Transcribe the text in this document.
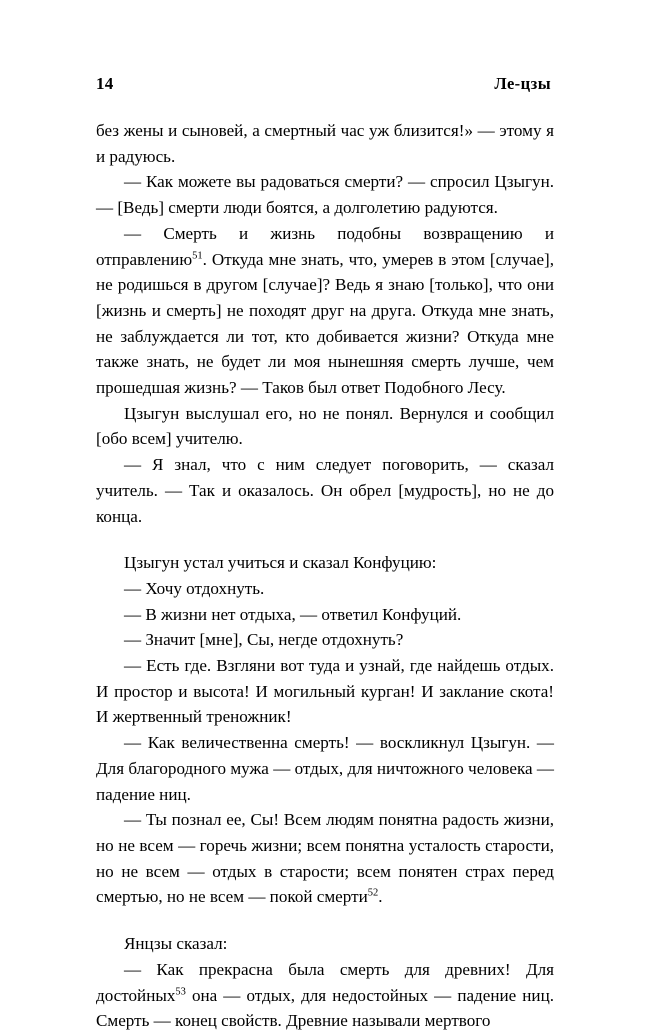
14	Ле-цзы

без жены и сыновей, а смертный час уж близится!» — этому я и радуюсь.

— Как можете вы радоваться смерти? — спросил Цзыгун. — [Ведь] смерти люди боятся, а долголетию радуются.

— Смерть и жизнь подобны возвращению и отправлению$^{51}$. Откуда мне знать, что, умерев в этом [случае], не родишься в другом [случае]? Ведь я знаю [только], что они [жизнь и смерть] не походят друг на друга. Откуда мне знать, не заблуждается ли тот, кто добивается жизни? Откуда мне также знать, не будет ли моя нынешняя смерть лучше, чем прошедшая жизнь? — Таков был ответ Подобного Лесу.

Цзыгун выслушал его, но не понял. Вернулся и сообщил [обо всем] учителю.

— Я знал, что с ним следует поговорить, — сказал учитель. — Так и оказалось. Он обрел [мудрость], но не до конца.

Цзыгун устал учиться и сказал Конфуцию:

— Хочу отдохнуть.

— В жизни нет отдыха, — ответил Конфуций.

— Значит [мне], Сы, негде отдохнуть?

— Есть где. Взгляни вот туда и узнай, где найдешь отдых. И простор и высота! И могильный курган! И заклание скота! И жертвенный треножник!

— Как величественна смерть! — воскликнул Цзыгун. — Для благородного мужа — отдых, для ничтожного человека — падение ниц.

— Ты познал ее, Сы! Всем людям понятна радость жизни, но не всем — горечь жизни; всем понятна усталость старости, но не всем — отдых в старости; всем понятен страх перед смертью, но не всем — покой смерти$^{52}$.

Янцзы сказал:

— Как прекрасна была смерть для древних! Для достойных$^{53}$ она — отдых, для недостойных — падение ниц. Смерть — конец свойств. Древние называли мертвого
